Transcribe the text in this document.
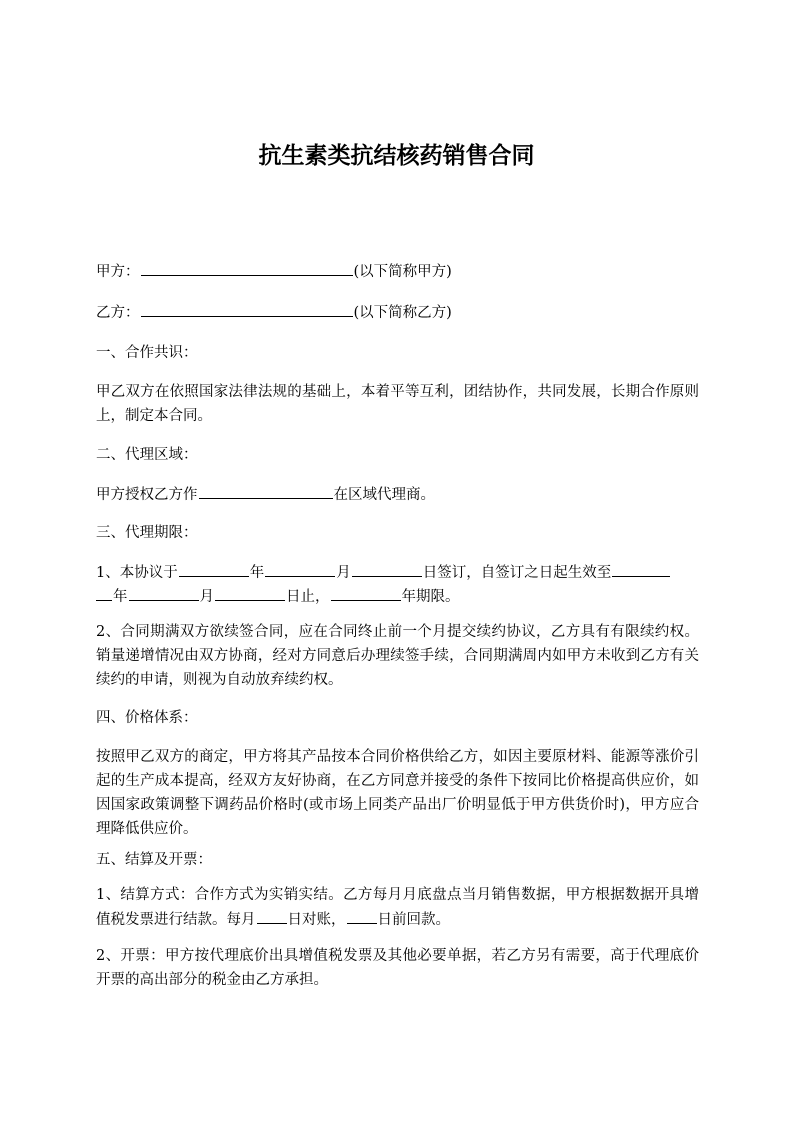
抗生素类抗结核药销售合同
甲方：	(以下简称甲方)
乙方：	(以下简称乙方)
一、合作共识：
甲乙双方在依照国家法律法规的基础上，本着平等互利，团结协作，共同发展，长期合作原则上，制定本合同。
二、代理区域：
甲方授权乙方作	在区域代理商。
三、代理期限：
1、本协议于	年	月	日签订，自签订之日起生效至
年	月	日止，	年期限。
2、合同期满双方欲续签合同，应在合同终止前一个月提交续约协议，乙方具有有限续约权。销量递增情况由双方协商，经对方同意后办理续签手续，合同期满周内如甲方未收到乙方有关续约的申请，则视为自动放弃续约权。
四、价格体系：
按照甲乙双方的商定，甲方将其产品按本合同价格供给乙方，如因主要原材料、能源等涨价引起的生产成本提高，经双方友好协商，在乙方同意并接受的条件下按同比价格提高供应价，如因国家政策调整下调药品价格时(或市场上同类产品出厂价明显低于甲方供货价时)，甲方应合理降低供应价。
五、结算及开票：
1、结算方式：合作方式为实销实结。乙方每月月底盘点当月销售数据，甲方根据数据开具增值税发票进行结款。每月 日对账， 日前回款。
2、开票：甲方按代理底价出具增值税发票及其他必要单据，若乙方另有需要，高于代理底价开票的高出部分的税金由乙方承担。
